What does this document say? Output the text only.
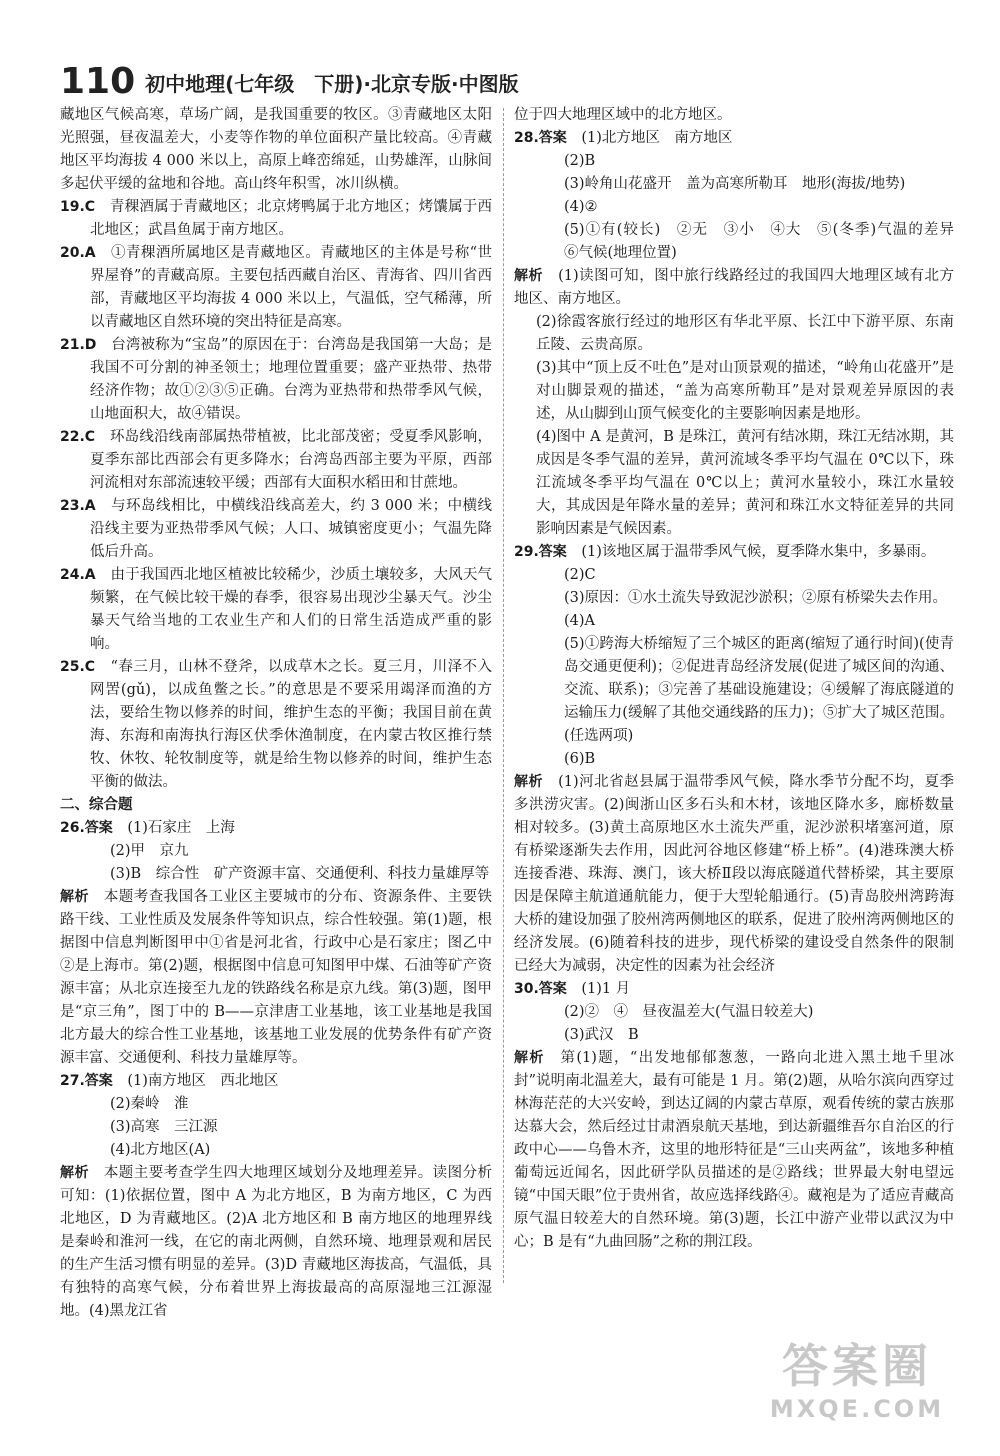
110 初中地理(七年级　下册)·北京专版·中图版

藏地区气候高寒，草场广阔，是我国重要的牧区。③青藏地区太阳光照强，昼夜温差大，小麦等作物的单位面积产量比较高。④青藏地区平均海拔 4 000 米以上，高原上峰峦绵延，山势雄浑，山脉间多起伏平缓的盆地和谷地。高山终年积雪，冰川纵横。

19.C　 青稞酒属于青藏地区；北京烤鸭属于北方地区；烤馕属于西北地区；武昌鱼属于南方地区。

20.A　 ①青稞酒所属地区是青藏地区。青藏地区的主体是号称“世界屋脊”的青藏高原。主要包括西藏自治区、青海省、四川省西部，青藏地区平均海拔 4 000 米以上，气温低，空气稀薄，所以青藏地区自然环境的突出特征是高寒。

21.D　 台湾被称为“宝岛”的原因在于：台湾岛是我国第一大岛；是我国不可分割的神圣领土；地理位置重要；盛产亚热带、热带经济作物；故①②③⑤正确。台湾为亚热带和热带季风气候，山地面积大，故④错误。

22.C　 环岛线沿线南部属热带植被，比北部茂密；受夏季风影响，夏季东部比西部会有更多降水；台湾岛西部主要为平原，西部河流相对东部流速较平缓；西部有大面积水稻田和甘蔗地。

23.A　 与环岛线相比，中横线沿线高差大，约 3 000 米；中横线沿线主要为亚热带季风气候；人口、城镇密度更小；气温先降低后升高。

24.A　 由于我国西北地区植被比较稀少，沙质土壤较多，大风天气频繁，在气候比较干燥的春季，很容易出现沙尘暴天气。沙尘暴天气给当地的工农业生产和人们的日常生活造成严重的影响。

25.C　 “春三月，山林不登斧，以成草木之长。夏三月，川泽不入网罟(gǔ)，以成鱼鳖之长。”的意思是不要采用竭泽而渔的方法，要给生物以修养的时间，维护生态的平衡；我国目前在黄海、东海和南海执行海区伏季休渔制度，在内蒙古牧区推行禁牧、休牧、轮牧制度等，就是给生物以修养的时间，维护生态平衡的做法。

二、综合题

26.答案　 (1)石家庄　上海

(2)甲　京九

(3)B　综合性　矿产资源丰富、交通便利、科技力量雄厚等

解析　 本题考查我国各工业区主要城市的分布、资源条件、主要铁路干线、工业性质及发展条件等知识点，综合性较强。第(1)题，根据图中信息判断图甲中①省是河北省，行政中心是石家庄；图乙中②是上海市。第(2)题，根据图中信息可知图甲中煤、石油等矿产资源丰富；从北京连接至九龙的铁路线名称是京九线。第(3)题，图甲是“京三角”，图丁中的 B——京津唐工业基地，该工业基地是我国北方最大的综合性工业基地，该基地工业发展的优势条件有矿产资源丰富、交通便利、科技力量雄厚等。

27.答案　 (1)南方地区　西北地区

(2)秦岭　淮

(3)高寒　三江源

(4)北方地区(A)

解析　 本题主要考查学生四大地理区域划分及地理差异。读图分析可知：(1)依据位置，图中 A 为北方地区，B 为南方地区，C 为西北地区，D 为青藏地区。(2)A 北方地区和 B 南方地区的地理界线是秦岭和淮河一线，在它的南北两侧，自然环境、地理景观和居民的生产生活习惯有明显的差异。(3)D 青藏地区海拔高，气温低，具有独特的高寒气候，分布着世界上海拔最高的高原湿地三江源湿地。(4)黑龙江省

位于四大地理区域中的北方地区。

28.答案　 (1)北方地区　南方地区

(2)B

(3)岭角山花盛开　盖为高寒所勒耳　地形(海拔/地势)

(4)②

(5)①有(较长)　②无　③小　④大　⑤(冬季)气温的差异　⑥气候(地理位置)

解析　 (1)读图可知，图中旅行线路经过的我国四大地理区域有北方地区、南方地区。

(2)徐霞客旅行经过的地形区有华北平原、长江中下游平原、东南丘陵、云贵高原。

(3)其中“顶上反不吐色”是对山顶景观的描述，“岭角山花盛开”是对山脚景观的描述，“盖为高寒所勒耳”是对景观差异原因的表述，从山脚到山顶气候变化的主要影响因素是地形。

(4)图中 A 是黄河，B 是珠江，黄河有结冰期，珠江无结冰期，其成因是冬季气温的差异，黄河流域冬季平均气温在 0℃以下，珠江流域冬季平均气温在 0℃以上；黄河水量较小，珠江水量较大，其成因是年降水量的差异；黄河和珠江水文特征差异的共同影响因素是气候因素。

29.答案　 (1)该地区属于温带季风气候，夏季降水集中，多暴雨。

(2)C

(3)原因：①水土流失导致泥沙淤积；②原有桥梁失去作用。

(4)A

(5)①跨海大桥缩短了三个城区的距离(缩短了通行时间)(使青岛交通更便利)；②促进青岛经济发展(促进了城区间的沟通、交流、联系)；③完善了基础设施建设；④缓解了海底隧道的运输压力(缓解了其他交通线路的压力)；⑤扩大了城区范围。(任选两项)

(6)B

解析　 (1)河北省赵县属于温带季风气候，降水季节分配不均，夏季多洪涝灾害。(2)闽浙山区多石头和木材，该地区降水多，廊桥数量相对较多。(3)黄土高原地区水土流失严重，泥沙淤积堵塞河道，原有桥梁逐渐失去作用，因此河谷地区修建“桥上桥”。(4)港珠澳大桥连接香港、珠海、澳门，该大桥Ⅱ段以海底隧道代替桥梁，其主要原因是保障主航道通航能力，便于大型轮船通行。(5)青岛胶州湾跨海大桥的建设加强了胶州湾两侧地区的联系，促进了胶州湾两侧地区的经济发展。(6)随着科技的进步，现代桥梁的建设受自然条件的限制已经大为减弱，决定性的因素为社会经济

30.答案　 (1)1 月

(2)②　④　昼夜温差大(气温日较差大)

(3)武汉　B

解析　 第(1)题，“出发地郁郁葱葱，一路向北进入黑土地千里冰封”说明南北温差大，最有可能是 1 月。第(2)题，从哈尔滨向西穿过林海茫茫的大兴安岭，到达辽阔的内蒙古草原，观看传统的蒙古族那达慕大会，然后经过甘肃酒泉航天基地，到达新疆维吾尔自治区的行政中心——乌鲁木齐，这里的地形特征是“三山夹两盆”，该地多种植葡萄远近闻名，因此研学队员描述的是②路线；世界最大射电望远镜“中国天眼”位于贵州省，故应选择线路④。藏袍是为了适应青藏高原气温日较差大的自然环境。第(3)题，长江中游产业带以武汉为中心；B 是有“九曲回肠”之称的荆江段。

答案圈
MXQE.COM
